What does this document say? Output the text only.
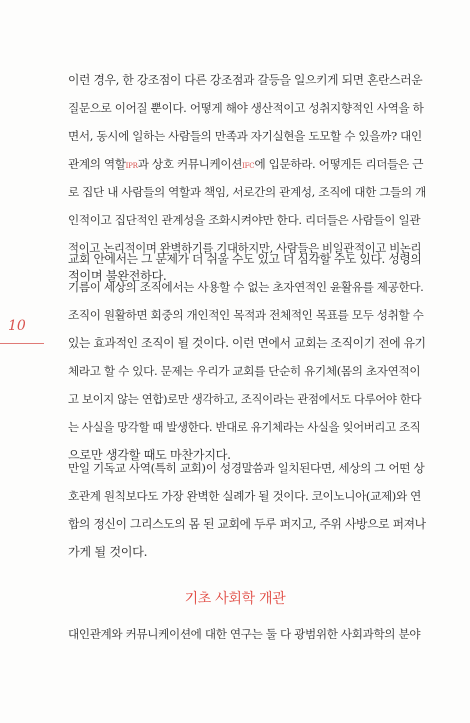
이런 경우, 한 강조점이 다른 강조점과 갈등을 일으키게 되면 혼란스러운
질문으로 이어질 뿐이다. 어떻게 해야 생산적이고 성취지향적인 사역을 하
면서, 동시에 일하는 사람들의 만족과 자기실현을 도모할 수 있을까? 대인
관계의 역할IPR과 상호 커뮤니케이션IFC에 입문하라. 어떻게든 리더들은 근
로 집단 내 사람들의 역할과 책임, 서로간의 관계성, 조직에 대한 그들의 개
인적이고 집단적인 관계성을 조화시켜야만 한다. 리더들은 사람들이 일관
적이고 논리적이며 완벽하기를 기대하지만, 사람들은 비일관적이고 비논리
적이며 불완전하다.
10
교회 안에서는 그 문제가 더 쉬울 수도 있고 더 심각할 수도 있다. 성령의
기름이 세상의 조직에서는 사용할 수 없는 초자연적인 윤활유를 제공한다.
조직이 원활하면 회중의 개인적인 목적과 전체적인 목표를 모두 성취할 수
있는 효과적인 조직이 될 것이다. 이런 면에서 교회는 조직이기 전에 유기
체라고 할 수 있다. 문제는 우리가 교회를 단순히 유기체(몸의 초자연적이
고 보이지 않는 연합)로만 생각하고, 조직이라는 관점에서도 다루어야 한다
는 사실을 망각할 때 발생한다. 반대로 유기체라는 사실을 잊어버리고 조직
으로만 생각할 때도 마찬가지다.
만일 기독교 사역(특히 교회)이 성경말씀과 일치된다면, 세상의 그 어떤 상
호관계 원칙보다도 가장 완벽한 실례가 될 것이다. 코이노니아(교제)와 연
합의 정신이 그리스도의 몸 된 교회에 두루 퍼지고, 주위 사방으로 퍼져나
가게 될 것이다.
기초 사회학 개관
대인관계와 커뮤니케이션에 대한 연구는 둘 다 광범위한 사회과학의 분야
